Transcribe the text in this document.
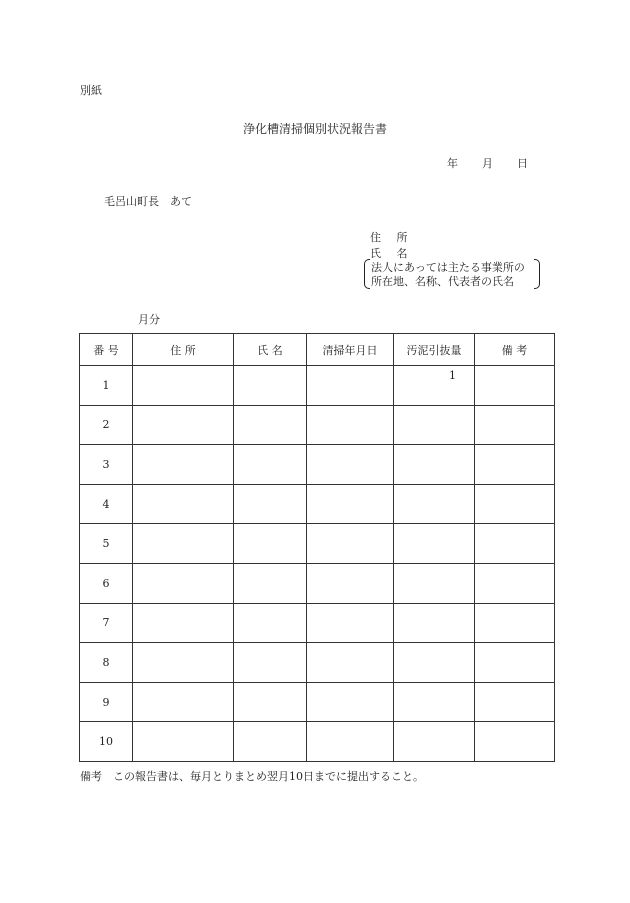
別紙
浄化槽清掃個別状況報告書
年 月 日
毛呂山町長　あて
住 所
氏 名
法人にあっては主たる事業所の
所在地、名称、代表者の氏名
月分
番 号	住 所	氏 名	清掃年月日	汚泥引抜量	備 考
1				1	

2				

3				

4				

5				

6				

7				

8				

9				

10				

備考　この報告書は、毎月とりまとめ翌月10日までに提出すること。
